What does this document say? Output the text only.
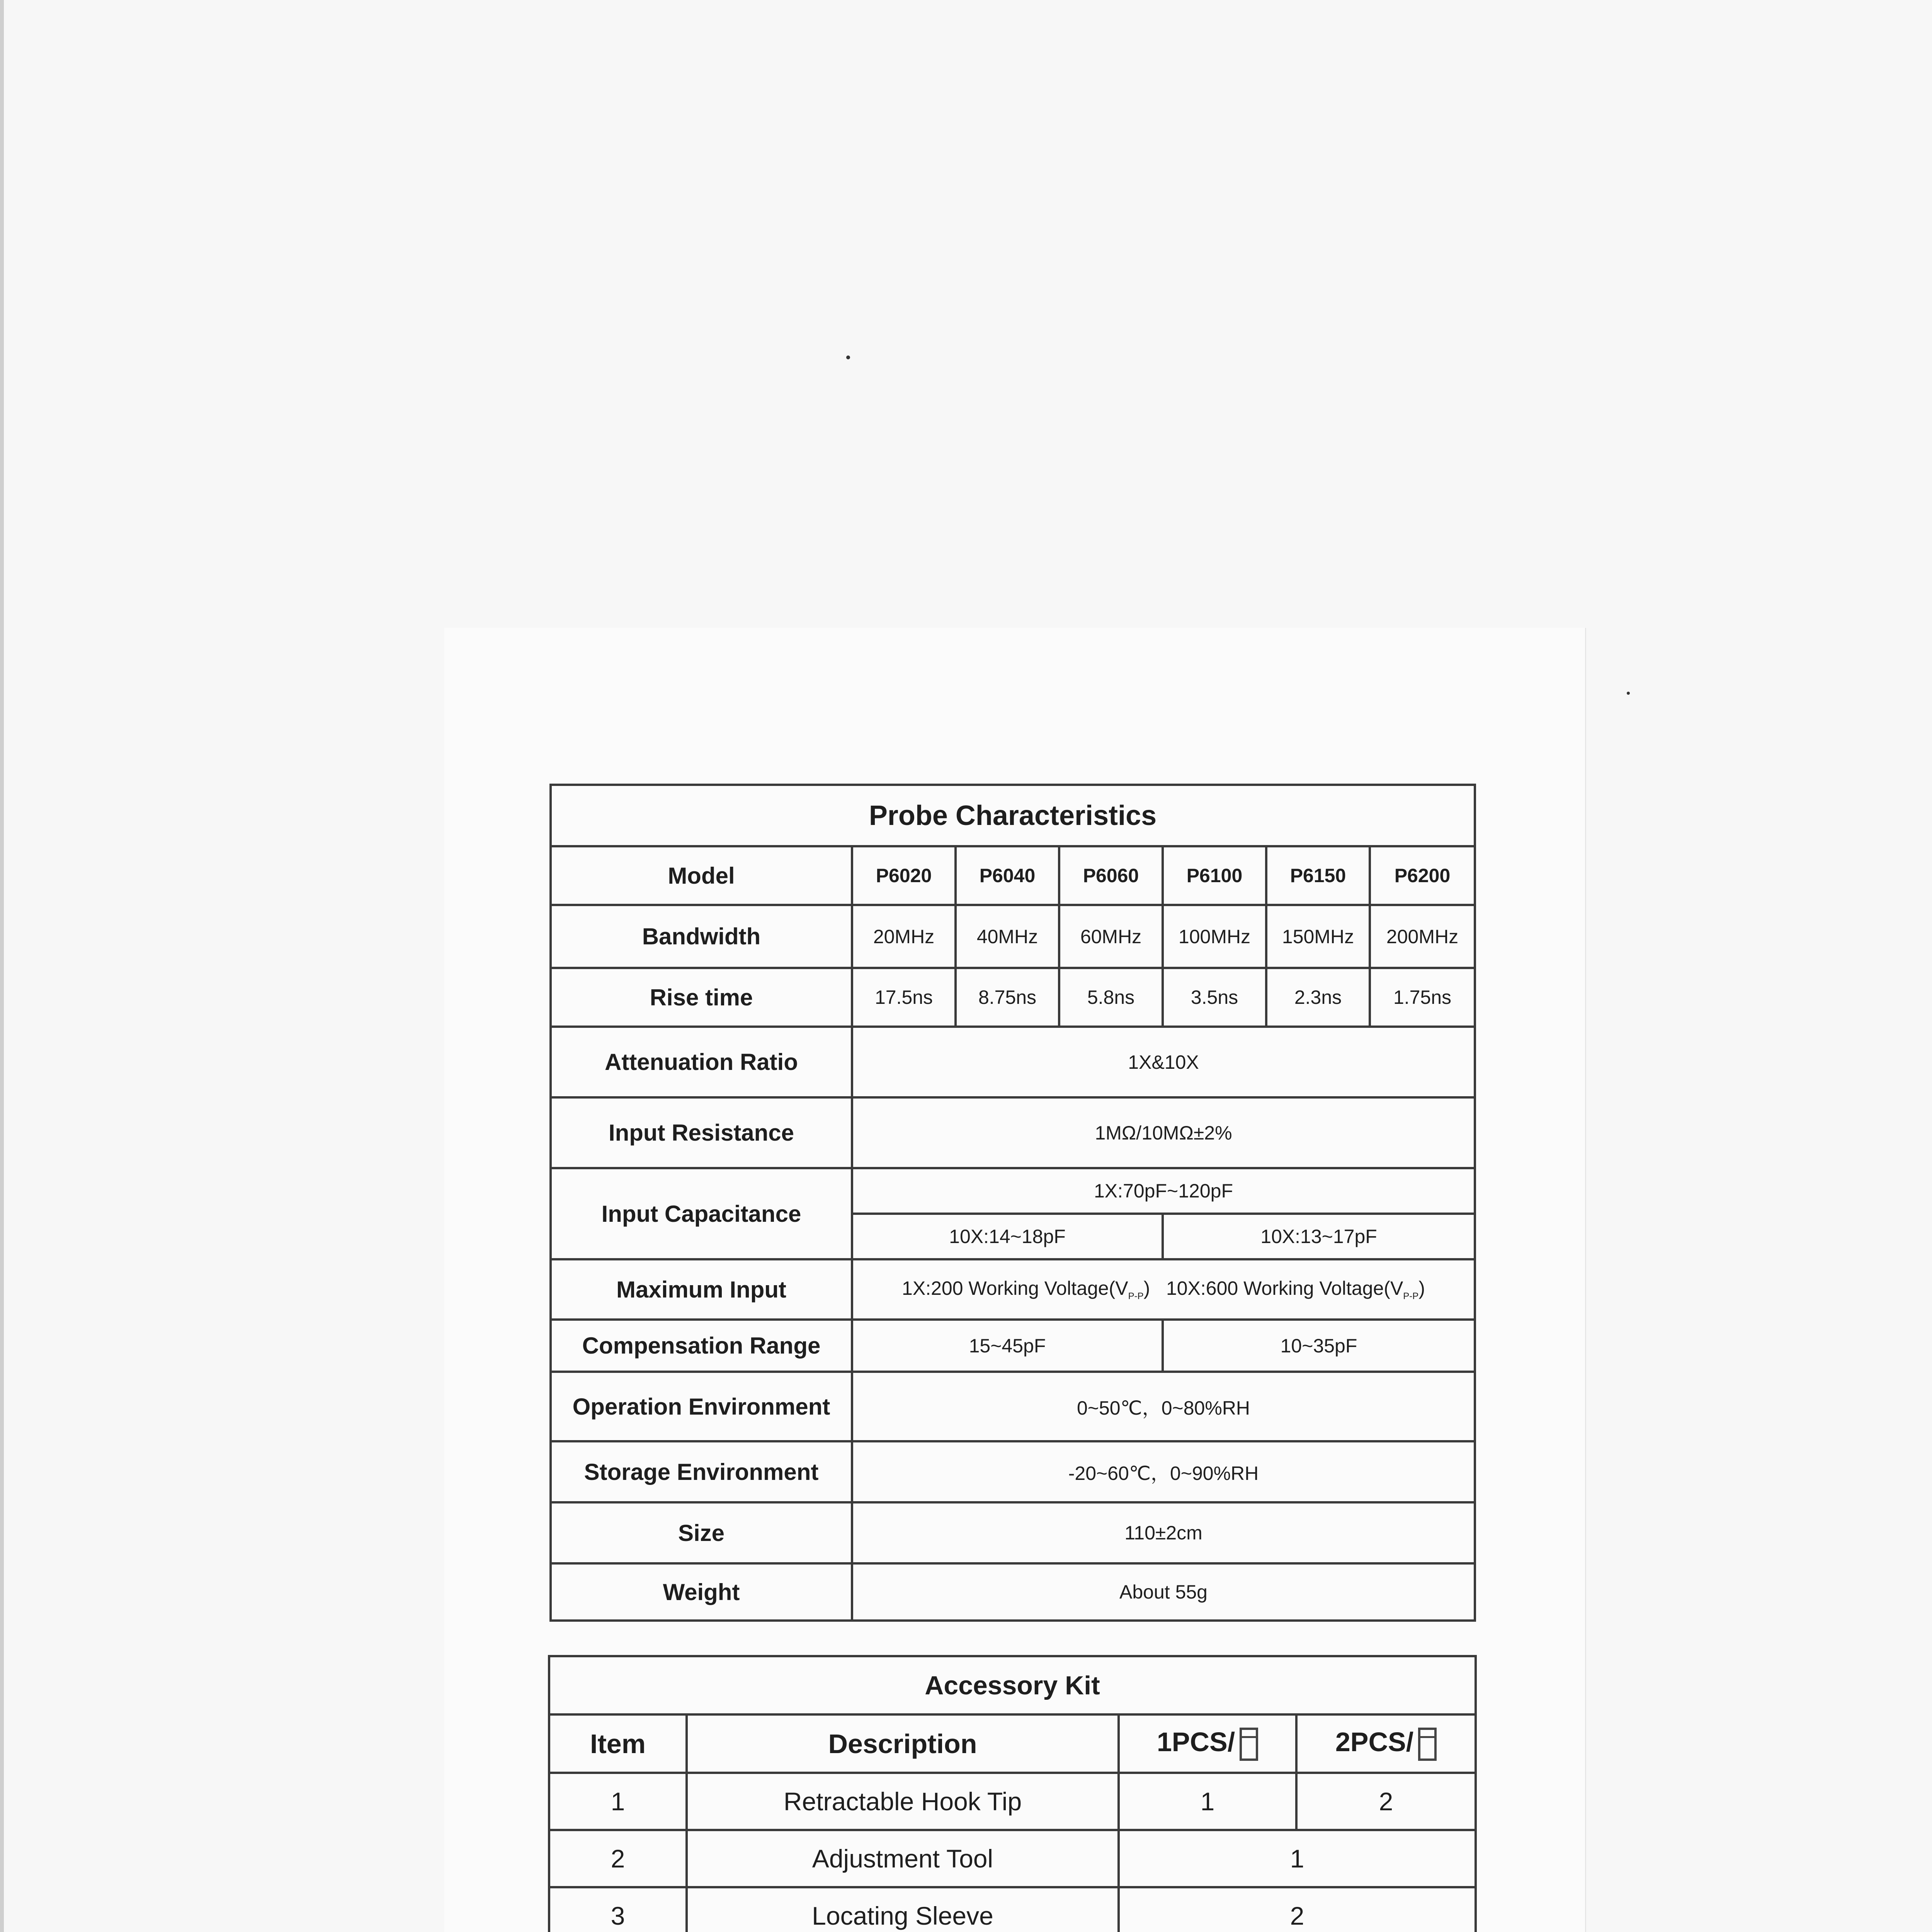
Probe Characteristics						
Model	P6020	P6040	P6060	P6100	P6150	P6200
Bandwidth	20MHz	40MHz	60MHz	100MHz	150MHz	200MHz
Rise time	17.5ns	8.75ns	5.8ns	3.5ns	2.3ns	1.75ns
Attenuation Ratio	1X&10X					
Input Resistance	1MΩ/10MΩ±2%					
Input Capacitance	1X:70pF~120pF					
	10X:14~18pF			10X:13~17pF		
Maximum Input	1X:200 Working $Voltage(V_{P-P})$ 10X:600 Working $Voltage(V_{P-P})$					
Compensation Range	15~45pF			10~35pF		
Operation Environment	0~50℃，0~80%RH					
Storage Environment	-20~60℃，0~90%RH					
Size	110±2cm					
Weight	About 55g					
Accessory Kit			
Item	Description	1PCS/	2PCS/
1	Retractable Hook Tip	1	2
2	Adjustment Tool	1	
3	Locating Sleeve	2	
